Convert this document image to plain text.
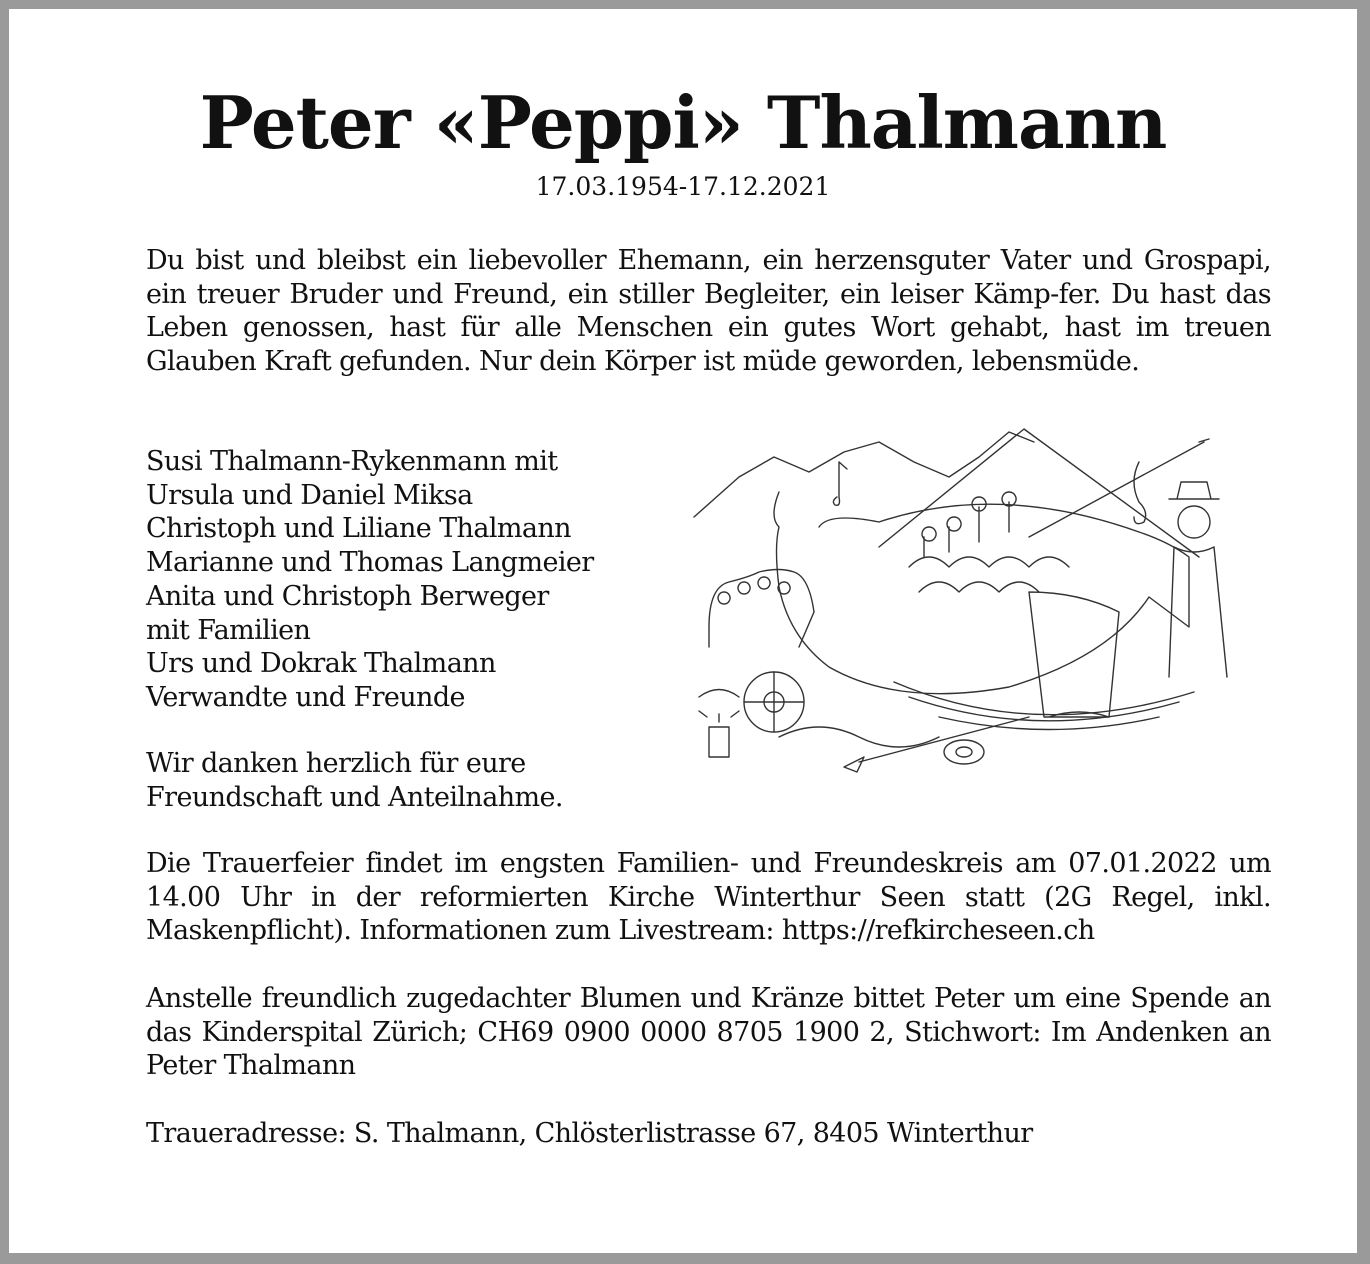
Peter «Peppi» Thalmann
17.03.1954-17.12.2021

Du bist und bleibst ein liebevoller Ehemann, ein herzensguter Vater und Grospapi, ein treuer Bruder und Freund, ein stiller Begleiter, ein leiser Kämp-fer. Du hast das Leben genossen, hast für alle Menschen ein gutes Wort gehabt, hast im treuen Glauben Kraft gefunden. Nur dein Körper ist müde geworden, lebensmüde.

Susi Thalmann-Rykenmann mit
Ursula und Daniel Miksa
Christoph und Liliane Thalmann
Marianne und Thomas Langmeier
Anita und Christoph Berweger
mit Familien
Urs und Dokrak Thalmann
Verwandte und Freunde
Wir danken herzlich für eure
Freundschaft und Anteilnahme.

Die Trauerfeier findet im engsten Familien- und Freundeskreis am 07.01.2022 um 14.00 Uhr in der reformierten Kirche Winterthur Seen statt (2G Regel, inkl. Maskenpflicht). Informationen zum Livestream: https://refkircheseen.ch

Anstelle freundlich zugedachter Blumen und Kränze bittet Peter um eine Spende an das Kinderspital Zürich; CH69 0900 0000 8705 1900 2, Stichwort: Im Andenken an Peter Thalmann

Traueradresse: S. Thalmann, Chlösterlistrasse 67, 8405 Winterthur
